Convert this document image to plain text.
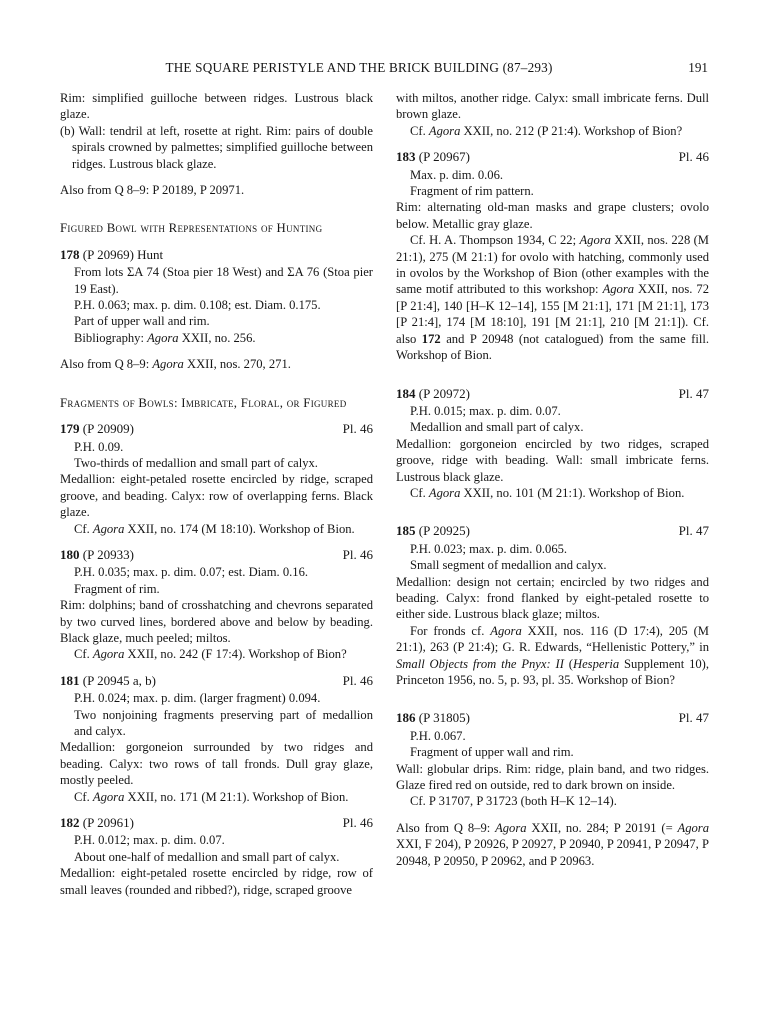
THE SQUARE PERISTYLE AND THE BRICK BUILDING (87–293)	191

Rim: simplified guilloche between ridges. Lustrous black glaze.

(b) Wall: tendril at left, rosette at right. Rim: pairs of double spirals crowned by palmettes; simplified guilloche between ridges. Lustrous black glaze.

Also from Q 8–9: P 20189, P 20971.

Figured Bowl with Representations of Hunting

178 (P 20969) Hunt

From lots ΣA 74 (Stoa pier 18 West) and ΣA 76 (Stoa pier 19 East).

P.H. 0.063; max. p. dim. 0.108; est. Diam. 0.175.

Part of upper wall and rim.

Bibliography: Agora XXII, no. 256.

Also from Q 8–9: Agora XXII, nos. 270, 271.

Fragments of Bowls: Imbricate, Floral, or Figured

179 (P 20909)	Pl. 46

P.H. 0.09.

Two-thirds of medallion and small part of calyx.

Medallion: eight-petaled rosette encircled by ridge, scraped groove, and beading. Calyx: row of overlapping ferns. Black glaze.

Cf. Agora XXII, no. 174 (M 18:10). Workshop of Bion.

180 (P 20933)	Pl. 46

P.H. 0.035; max. p. dim. 0.07; est. Diam. 0.16.

Fragment of rim.

Rim: dolphins; band of crosshatching and chevrons separated by two curved lines, bordered above and below by beading. Black glaze, much peeled; miltos.

Cf. Agora XXII, no. 242 (F 17:4). Workshop of Bion?

181 (P 20945 a, b)	Pl. 46

P.H. 0.024; max. p. dim. (larger fragment) 0.094.

Two nonjoining fragments preserving part of medallion and calyx.

Medallion: gorgoneion surrounded by two ridges and beading. Calyx: two rows of tall fronds. Dull gray glaze, mostly peeled.

Cf. Agora XXII, no. 171 (M 21:1). Workshop of Bion.

182 (P 20961)	Pl. 46

P.H. 0.012; max. p. dim. 0.07.

About one-half of medallion and small part of calyx.

Medallion: eight-petaled rosette encircled by ridge, row of small leaves (rounded and ribbed?), ridge, scraped groove

with miltos, another ridge. Calyx: small imbricate ferns. Dull brown glaze.

Cf. Agora XXII, no. 212 (P 21:4). Workshop of Bion?

183 (P 20967)	Pl. 46

Max. p. dim. 0.06.

Fragment of rim pattern.

Rim: alternating old-man masks and grape clusters; ovolo below. Metallic gray glaze.

Cf. H. A. Thompson 1934, C 22; Agora XXII, nos. 228 (M 21:1), 275 (M 21:1) for ovolo with hatching, commonly used in ovolos by the Workshop of Bion (other examples with the same motif attributed to this workshop: Agora XXII, nos. 72 [P 21:4], 140 [H–K 12–14], 155 [M 21:1], 171 [M 21:1], 173 [P 21:4], 174 [M 18:10], 191 [M 21:1], 210 [M 21:1]). Cf. also 172 and P 20948 (not catalogued) from the same fill. Workshop of Bion.

184 (P 20972)	Pl. 47

P.H. 0.015; max. p. dim. 0.07.

Medallion and small part of calyx.

Medallion: gorgoneion encircled by two ridges, scraped groove, ridge with beading. Wall: small imbricate ferns. Lustrous black glaze.

Cf. Agora XXII, no. 101 (M 21:1). Workshop of Bion.

185 (P 20925)	Pl. 47

P.H. 0.023; max. p. dim. 0.065.

Small segment of medallion and calyx.

Medallion: design not certain; encircled by two ridges and beading. Calyx: frond flanked by eight-petaled rosette to either side. Lustrous black glaze; miltos.

For fronds cf. Agora XXII, nos. 116 (D 17:4), 205 (M 21:1), 263 (P 21:4); G. R. Edwards, “Hellenistic Pottery,” in Small Objects from the Pnyx: II (Hesperia Supplement 10), Princeton 1956, no. 5, p. 93, pl. 35. Workshop of Bion?

186 (P 31805)	Pl. 47

P.H. 0.067.

Fragment of upper wall and rim.

Wall: globular drips. Rim: ridge, plain band, and two ridges. Glaze fired red on outside, red to dark brown on inside.

Cf. P 31707, P 31723 (both H–K 12–14).

Also from Q 8–9: Agora XXII, no. 284; P 20191 (= Agora XXI, F 204), P 20926, P 20927, P 20940, P 20941, P 20947, P 20948, P 20950, P 20962, and P 20963.
